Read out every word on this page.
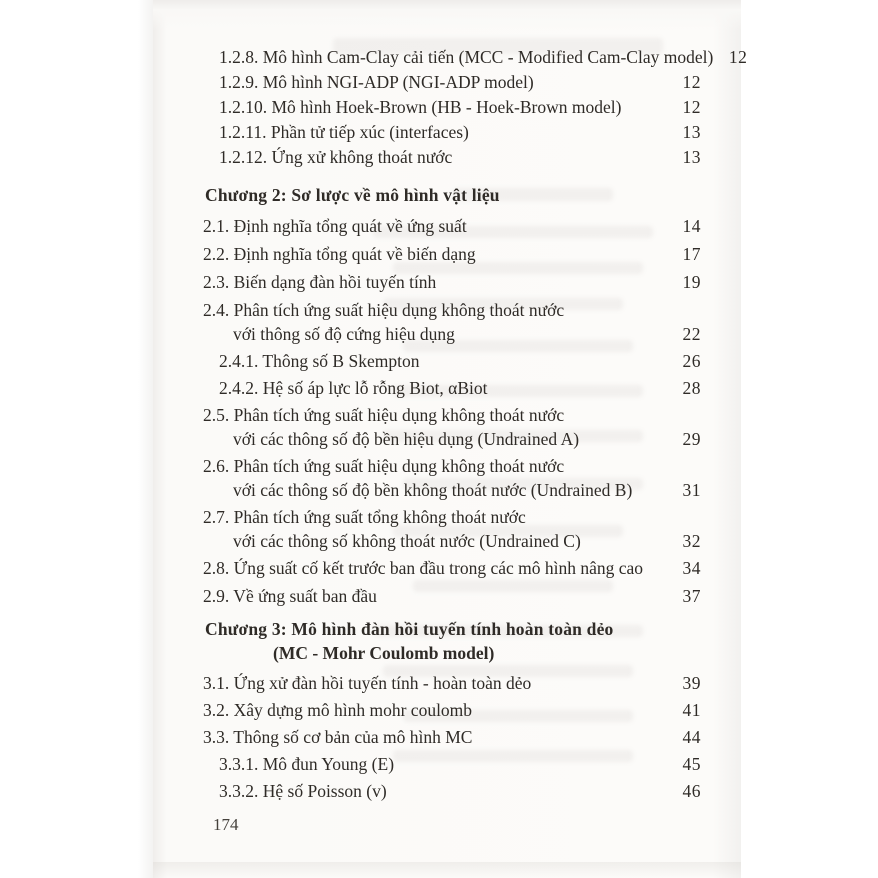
1.2.8. Mô hình Cam-Clay cải tiến (MCC - Modified Cam-Clay model) 12
1.2.9. Mô hình NGI-ADP (NGI-ADP model)	12
1.2.10. Mô hình Hoek-Brown (HB - Hoek-Brown model)	12
1.2.11. Phần tử tiếp xúc (interfaces)	13
1.2.12. Ứng xử không thoát nước	13
Chương 2: Sơ lược về mô hình vật liệu
2.1. Định nghĩa tổng quát về ứng suất	14
2.2. Định nghĩa tổng quát về biến dạng	17
2.3. Biến dạng đàn hồi tuyến tính	19
2.4. Phân tích ứng suất hiệu dụng không thoát nước
với thông số độ cứng hiệu dụng	22
2.4.1. Thông số B Skempton	26
2.4.2. Hệ số áp lực lỗ rỗng Biot, αBiot	28
2.5. Phân tích ứng suất hiệu dụng không thoát nước
với các thông số độ bền hiệu dụng (Undrained A)	29
2.6. Phân tích ứng suất hiệu dụng không thoát nước
với các thông số độ bền không thoát nước (Undrained B)	31
2.7. Phân tích ứng suất tổng không thoát nước
với các thông số không thoát nước (Undrained C)	32
2.8. Ứng suất cố kết trước ban đầu trong các mô hình nâng cao	34
2.9. Về ứng suất ban đầu	37
Chương 3: Mô hình đàn hồi tuyến tính hoàn toàn dẻo
(MC - Mohr Coulomb model)
3.1. Ứng xử đàn hồi tuyến tính - hoàn toàn dẻo	39
3.2. Xây dựng mô hình mohr coulomb	41
3.3. Thông số cơ bản của mô hình MC	44
3.3.1. Mô đun Young (E)	45
3.3.2. Hệ số Poisson (v)	46
174
